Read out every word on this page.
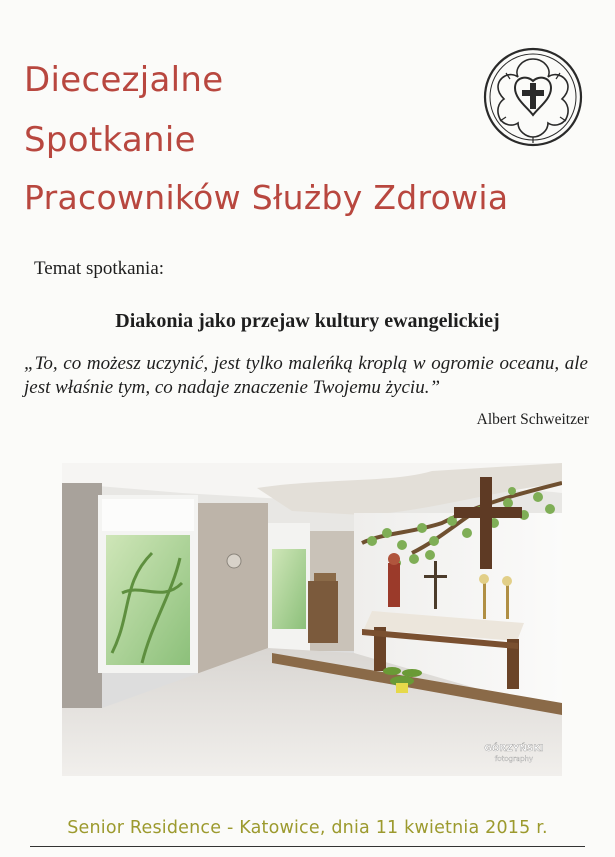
Diecezjalne
Spotkanie
Pracowników Służby Zdrowia
Temat spotkania:
Diakonia jako przejaw kultury ewangelickiej
„To, co możesz uczynić, jest tylko maleńką kroplą w ogromie oceanu, ale jest właśnie tym, co nadaje znaczenie Twojemu życiu.”
Albert Schweitzer
GÓRZYŃSKI
fotography
Senior Residence - Katowice, dnia 11 kwietnia 2015 r.
